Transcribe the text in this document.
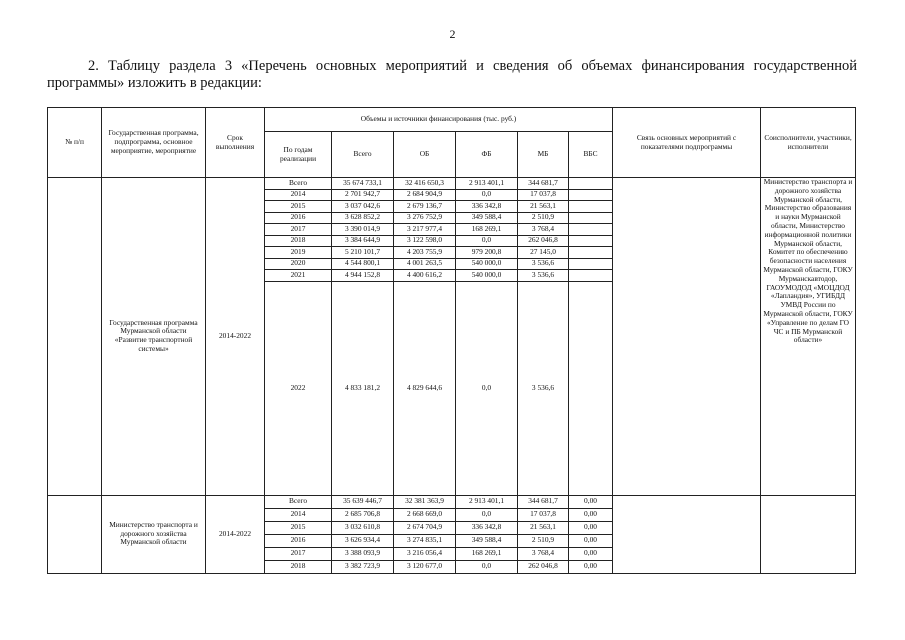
2
2. Таблицу раздела 3 «Перечень основных мероприятий и сведения об объемах финансирования государственной программы» изложить в редакции:
№ п/п	Государственная программа, подпрограмма, основное мероприятие, мероприятие	Срок выполнения	Объемы и источники финансирования (тыс. руб.)						Связь основных мероприятий с показателями подпрограммы	Соисполнители, участники, исполнители
			По годам реализации	Всего	ОБ	ФБ	МБ	ВБС		
	Государственная программа Мурманской области «Развитие транспортной системы»	2014-2022	Всего	35 674 733,1	32 416 650,3	2 913 401,1	344 681,7			Министерство транспорта и дорожного хозяйства Мурманской области, Министерство образования и науки Мурманской области, Министерство информационной политики Мурманской области, Комитет по обеспечению безопасности населения Мурманской области, ГОКУ Мурманскавтодор, ГАОУМОДОД «МОЦДОД «Лапландия», УГИБДД УМВД России по Мурманской области, ГОКУ «Управление по делам ГО ЧС и ПБ Мурманской области»
			2014	2 701 942,7	2 684 904,9	0,0	17 037,8			
			2015	3 037 042,6	2 679 136,7	336 342,8	21 563,1			
			2016	3 628 852,2	3 276 752,9	349 588,4	2 510,9			
			2017	3 390 014,9	3 217 977,4	168 269,1	3 768,4			
			2018	3 384 644,9	3 122 598,0	0,0	262 046,8			
			2019	5 210 101,7	4 203 755,9	979 200,8	27 145,0			
			2020	4 544 800,1	4 001 263,5	540 000,0	3 536,6			
			2021	4 944 152,8	4 400 616,2	540 000,0	3 536,6			
			2022	4 833 181,2	4 829 644,6	0,0	3 536,6			
	Министерство транспорта и дорожного хозяйства Мурманской области	2014-2022	Всего	35 639 446,7	32 381 363,9	2 913 401,1	344 681,7	0,00		
			2014	2 685 706,8	2 668 669,0	0,0	17 037,8	0,00		
			2015	3 032 610,8	2 674 704,9	336 342,8	21 563,1	0,00		
			2016	3 626 934,4	3 274 835,1	349 588,4	2 510,9	0,00		
			2017	3 388 093,9	3 216 056,4	168 269,1	3 768,4	0,00		
			2018	3 382 723,9	3 120 677,0	0,0	262 046,8	0,00		
